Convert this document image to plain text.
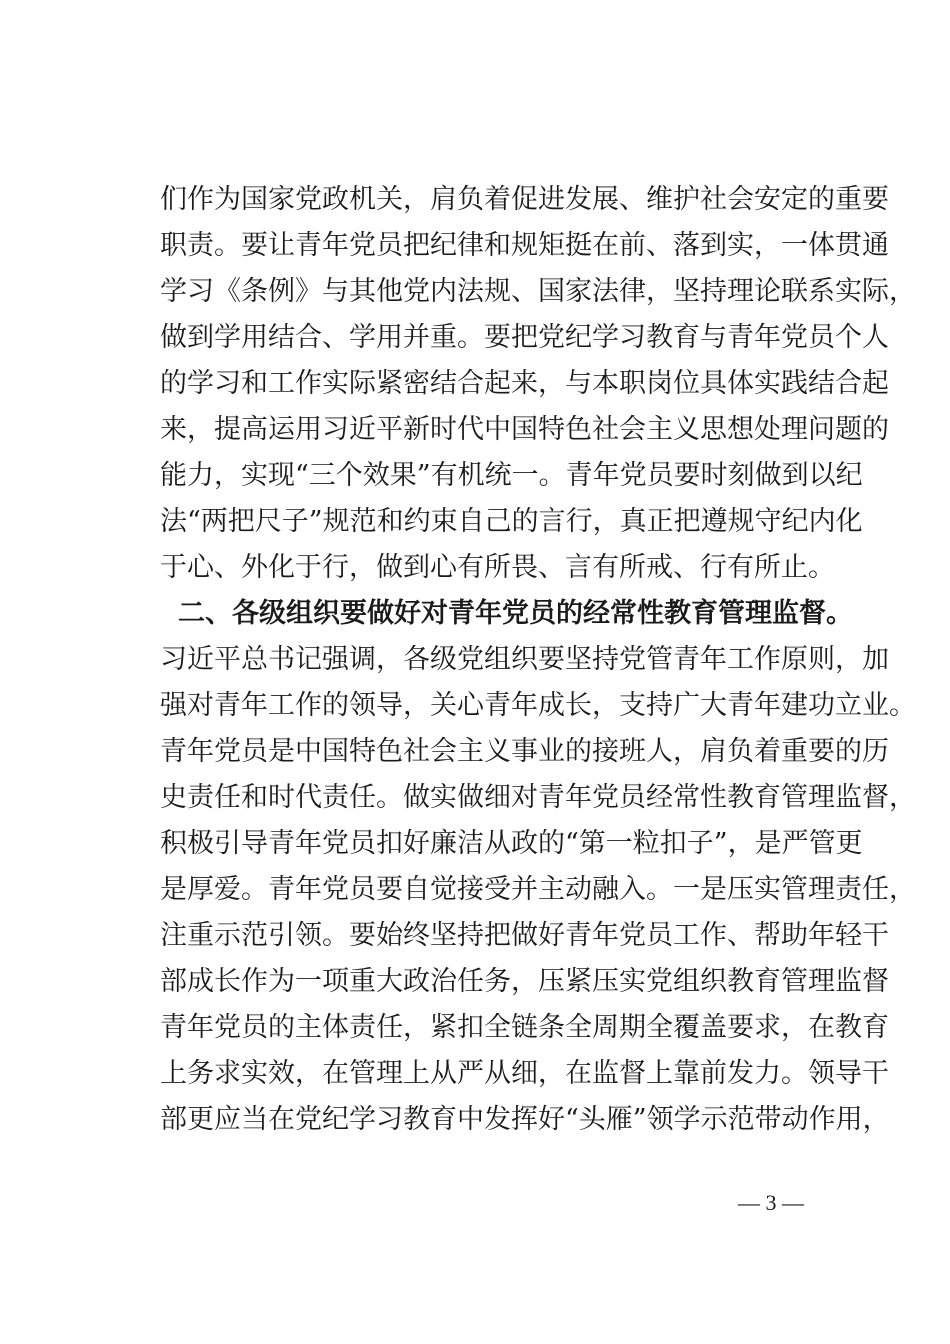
们作为国家党政机关，肩负着促进发展、维护社会安定的重要
职责。要让青年党员把纪律和规矩挺在前、落到实，一体贯通
学习《条例》与其他党内法规、国家法律，坚持理论联系实际，
做到学用结合、学用并重。要把党纪学习教育与青年党员个人
的学习和工作实际紧密结合起来，与本职岗位具体实践结合起
来，提高运用习近平新时代中国特色社会主义思想处理问题的
能力，实现“三个效果”有机统一。青年党员要时刻做到以纪
法“两把尺子”规范和约束自己的言行，真正把遵规守纪内化
于心、外化于行，做到心有所畏、言有所戒、行有所止。
二、各级组织要做好对青年党员的经常性教育管理监督。
习近平总书记强调，各级党组织要坚持党管青年工作原则，加
强对青年工作的领导，关心青年成长，支持广大青年建功立业。
青年党员是中国特色社会主义事业的接班人，肩负着重要的历
史责任和时代责任。做实做细对青年党员经常性教育管理监督，
积极引导青年党员扣好廉洁从政的“第一粒扣子”，是严管更
是厚爱。青年党员要自觉接受并主动融入。一是压实管理责任，
注重示范引领。要始终坚持把做好青年党员工作、帮助年轻干
部成长作为一项重大政治任务，压紧压实党组织教育管理监督
青年党员的主体责任，紧扣全链条全周期全覆盖要求，在教育
上务求实效，在管理上从严从细，在监督上靠前发力。领导干
部更应当在党纪学习教育中发挥好“头雁”领学示范带动作用，
— 3 —
